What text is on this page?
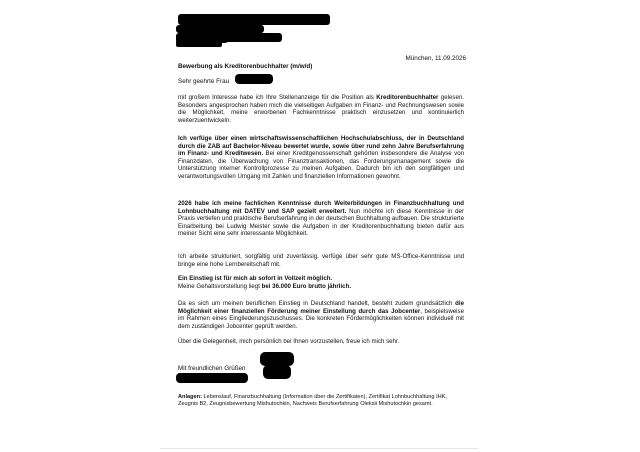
München, 11.09.2026
Bewerbung als Kreditorenbuchhalter (m/w/d)
Sehr geehrte Frau
mit großem Interesse habe ich Ihre Stellenanzeige für die Position als Kreditorenbuchhalter gelesen. Besonders angesprochen haben mich die vielseitigen Aufgaben im Finanz- und Rechnungswesen sowie die Möglichkeit, meine erworbenen Fachkenntnisse praktisch einzusetzen und kontinuierlich weiterzuentwickeln.
Ich verfüge über einen wirtschaftswissenschaftlichen Hochschulabschluss, der in Deutschland durch die ZAB auf Bachelor-Niveau bewertet wurde, sowie über rund zehn Jahre Berufserfahrung im Finanz- und Kreditwesen. Bei einer Kreditgenossenschaft gehörten insbesondere die Analyse von Finanzdaten, die Überwachung von Finanztransaktionen, das Forderungsmanagement sowie die Unterstützung interner Kontrollprozesse zu meinen Aufgaben. Dadurch bin ich den sorgfältigen und verantwortungsvollen Umgang mit Zahlen und finanziellen Informationen gewohnt.
2026 habe ich meine fachlichen Kenntnisse durch Weiterbildungen in Finanzbuchhaltung und Lohnbuchhaltung mit DATEV und SAP gezielt erweitert. Nun möchte ich diese Kenntnisse in der Praxis vertiefen und praktische Berufserfahrung in der deutschen Buchhaltung aufbauen. Die strukturierte Einarbeitung bei Ludwig Meister sowie die Aufgaben in der Kreditorenbuchhaltung bieten dafür aus meiner Sicht eine sehr interessante Möglichkeit.
Ich arbeite strukturiert, sorgfältig und zuverlässig, verfüge über sehr gute MS-Office-Kenntnisse und bringe eine hohe Lernbereitschaft mit.
Ein Einstieg ist für mich ab sofort in Vollzeit möglich.
Meine Gehaltsvorstellung liegt bei 36.000 Euro brutto jährlich.
Da es sich um meinen beruflichen Einstieg in Deutschland handelt, besteht zudem grundsätzlich die Möglichkeit einer finanziellen Förderung meiner Einstellung durch das Jobcenter, beispielsweise im Rahmen eines Eingliederungszuschusses. Die konkreten Fördermöglichkeiten können individuell mit dem zuständigen Jobcenter geprüft werden.
Über die Gelegenheit, mich persönlich bei Ihnen vorzustellen, freue ich mich sehr.
Mit freundlichen Grüßen
Anlagen: Lebenslauf, Finanzbuchhaltung (Information über die Zertifikaten), Zertifikat Lohnbuchhaltung IHK, Zeugnis B2, Zeugnisbewertung Mishutochkin, Nachweis Berufserfahrung Oleksii Mishutochkin gesamt.
